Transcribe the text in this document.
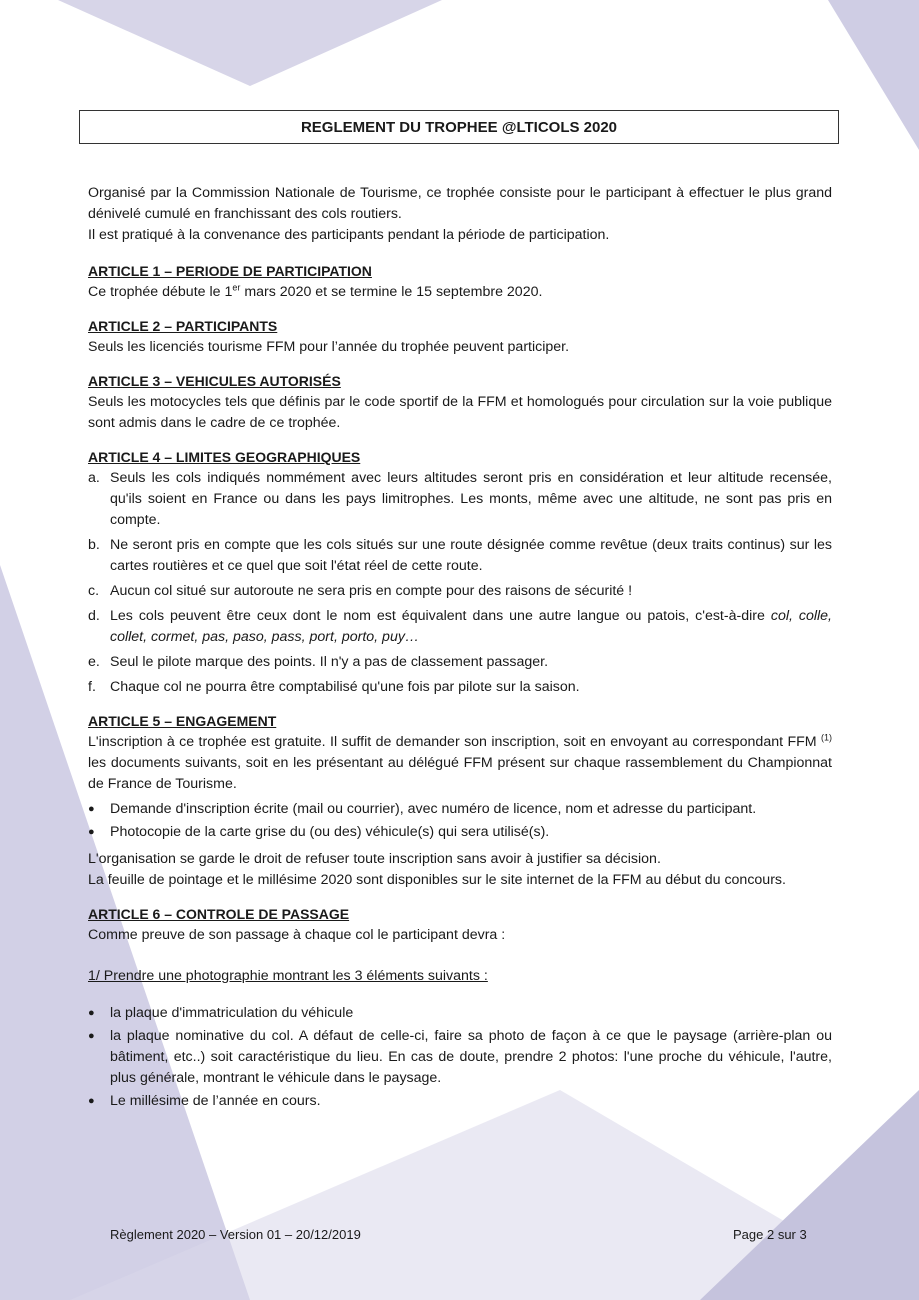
REGLEMENT DU TROPHEE @LTICOLS 2020

Organisé par la Commission Nationale de Tourisme, ce trophée consiste pour le participant à effectuer le plus grand dénivelé cumulé en franchissant des cols routiers.

Il est pratiqué à la convenance des participants pendant la période de participation.

ARTICLE 1 – PERIODE DE PARTICIPATION

Ce trophée débute le 1er mars 2020 et se termine le 15 septembre 2020.

ARTICLE 2 – PARTICIPANTS

Seuls les licenciés tourisme FFM pour l’année du trophée peuvent participer.

ARTICLE 3 – VEHICULES AUTORISÉS

Seuls les motocycles tels que définis par le code sportif de la FFM et homologués pour circulation sur la voie publique sont admis dans le cadre de ce trophée.

ARTICLE 4 – LIMITES GEOGRAPHIQUES

a. Seuls les cols indiqués nommément avec leurs altitudes seront pris en considération et leur altitude recensée, qu'ils soient en France ou dans les pays limitrophes. Les monts, même avec une altitude, ne sont pas pris en compte.
b. Ne seront pris en compte que les cols situés sur une route désignée comme revêtue (deux traits continus) sur les cartes routières et ce quel que soit l'état réel de cette route.
c. Aucun col situé sur autoroute ne sera pris en compte pour des raisons de sécurité !
d. Les cols peuvent être ceux dont le nom est équivalent dans une autre langue ou patois, c'est-à-dire col, colle, collet, cormet, pas, paso, pass, port, porto, puy…
e. Seul le pilote marque des points. Il n'y a pas de classement passager.
f. Chaque col ne pourra être comptabilisé qu'une fois par pilote sur la saison.

ARTICLE 5 – ENGAGEMENT

L'inscription à ce trophée est gratuite. Il suffit de demander son inscription, soit en envoyant au correspondant FFM $^{(1)}$ les documents suivants, soit en les présentant au délégué FFM présent sur chaque rassemblement du Championnat de France de Tourisme.

● Demande d'inscription écrite (mail ou courrier), avec numéro de licence, nom et adresse du participant.
● Photocopie de la carte grise du (ou des) véhicule(s) qui sera utilisé(s).

L'organisation se garde le droit de refuser toute inscription sans avoir à justifier sa décision.

La feuille de pointage et le millésime 2020 sont disponibles sur le site internet de la FFM au début du concours.

ARTICLE 6 – CONTROLE DE PASSAGE

Comme preuve de son passage à chaque col le participant devra :

1/ Prendre une photographie montrant les 3 éléments suivants :

● la plaque d'immatriculation du véhicule
● la plaque nominative du col. A défaut de celle-ci, faire sa photo de façon à ce que le paysage (arrière-plan ou bâtiment, etc..) soit caractéristique du lieu. En cas de doute, prendre 2 photos: l'une proche du véhicule, l'autre, plus générale, montrant le véhicule dans le paysage.
● Le millésime de l’année en cours.
Règlement 2020 – Version 01 – 20/12/2019	Page 2 sur 3
